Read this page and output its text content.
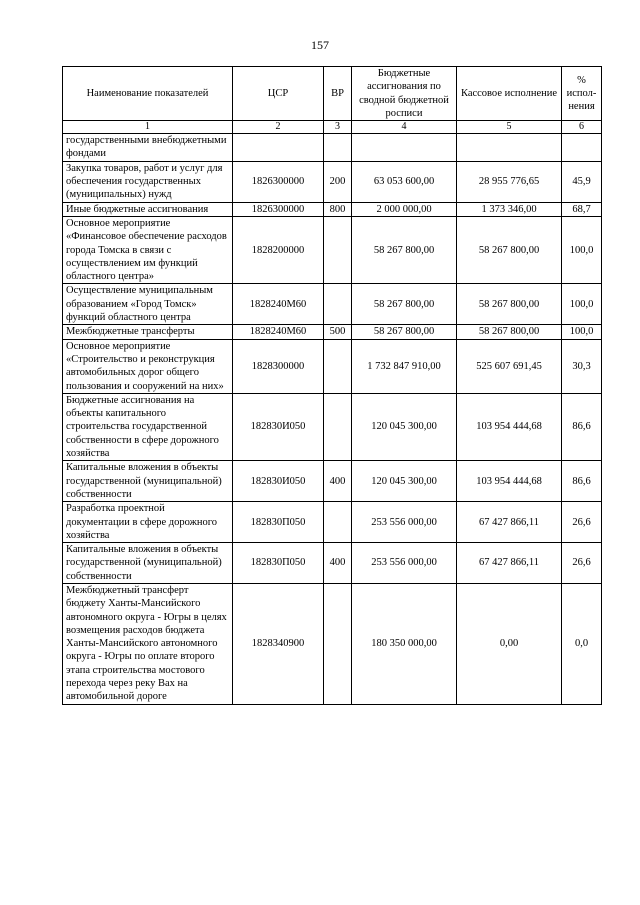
157
Наименование показателей	ЦСР	ВР	Бюджетные ассигнования по сводной бюджетной росписи	Кассовое исполнение	% испол-нения
1	2	3	4	5	6
государственными внебюджетными фондами					
Закупка товаров, работ и услуг для обеспечения государственных (муниципальных) нужд	1826300000	200	63 053 600,00	28 955 776,65	45,9
Иные бюджетные ассигнования	1826300000	800	2 000 000,00	1 373 346,00	68,7
Основное мероприятие «Финансовое обеспечение расходов города Томска в связи с осуществлением им функций областного центра»	1828200000		58 267 800,00	58 267 800,00	100,0
Осуществление муниципальным образованием «Город Томск» функций областного центра	1828240М60		58 267 800,00	58 267 800,00	100,0
Межбюджетные трансферты	1828240М60	500	58 267 800,00	58 267 800,00	100,0
Основное мероприятие «Строительство и реконструкция автомобильных дорог общего пользования и сооружений на них»	1828300000		1 732 847 910,00	525 607 691,45	30,3
Бюджетные ассигнования на объекты капитального строительства государственной собственности в сфере дорожного хозяйства	182830И050		120 045 300,00	103 954 444,68	86,6
Капитальные вложения в объекты государственной (муниципальной) собственности	182830И050	400	120 045 300,00	103 954 444,68	86,6
Разработка проектной документации в сфере дорожного хозяйства	182830П050		253 556 000,00	67 427 866,11	26,6
Капитальные вложения в объекты государственной (муниципальной) собственности	182830П050	400	253 556 000,00	67 427 866,11	26,6
Межбюджетный трансферт бюджету Ханты-Мансийского автономного округа - Югры в целях возмещения расходов бюджета Ханты-Мансийского автономного округа - Югры по оплате второго этапа строительства мостового перехода через реку Вах на автомобильной дороге	1828340900		180 350 000,00	0,00	0,0
